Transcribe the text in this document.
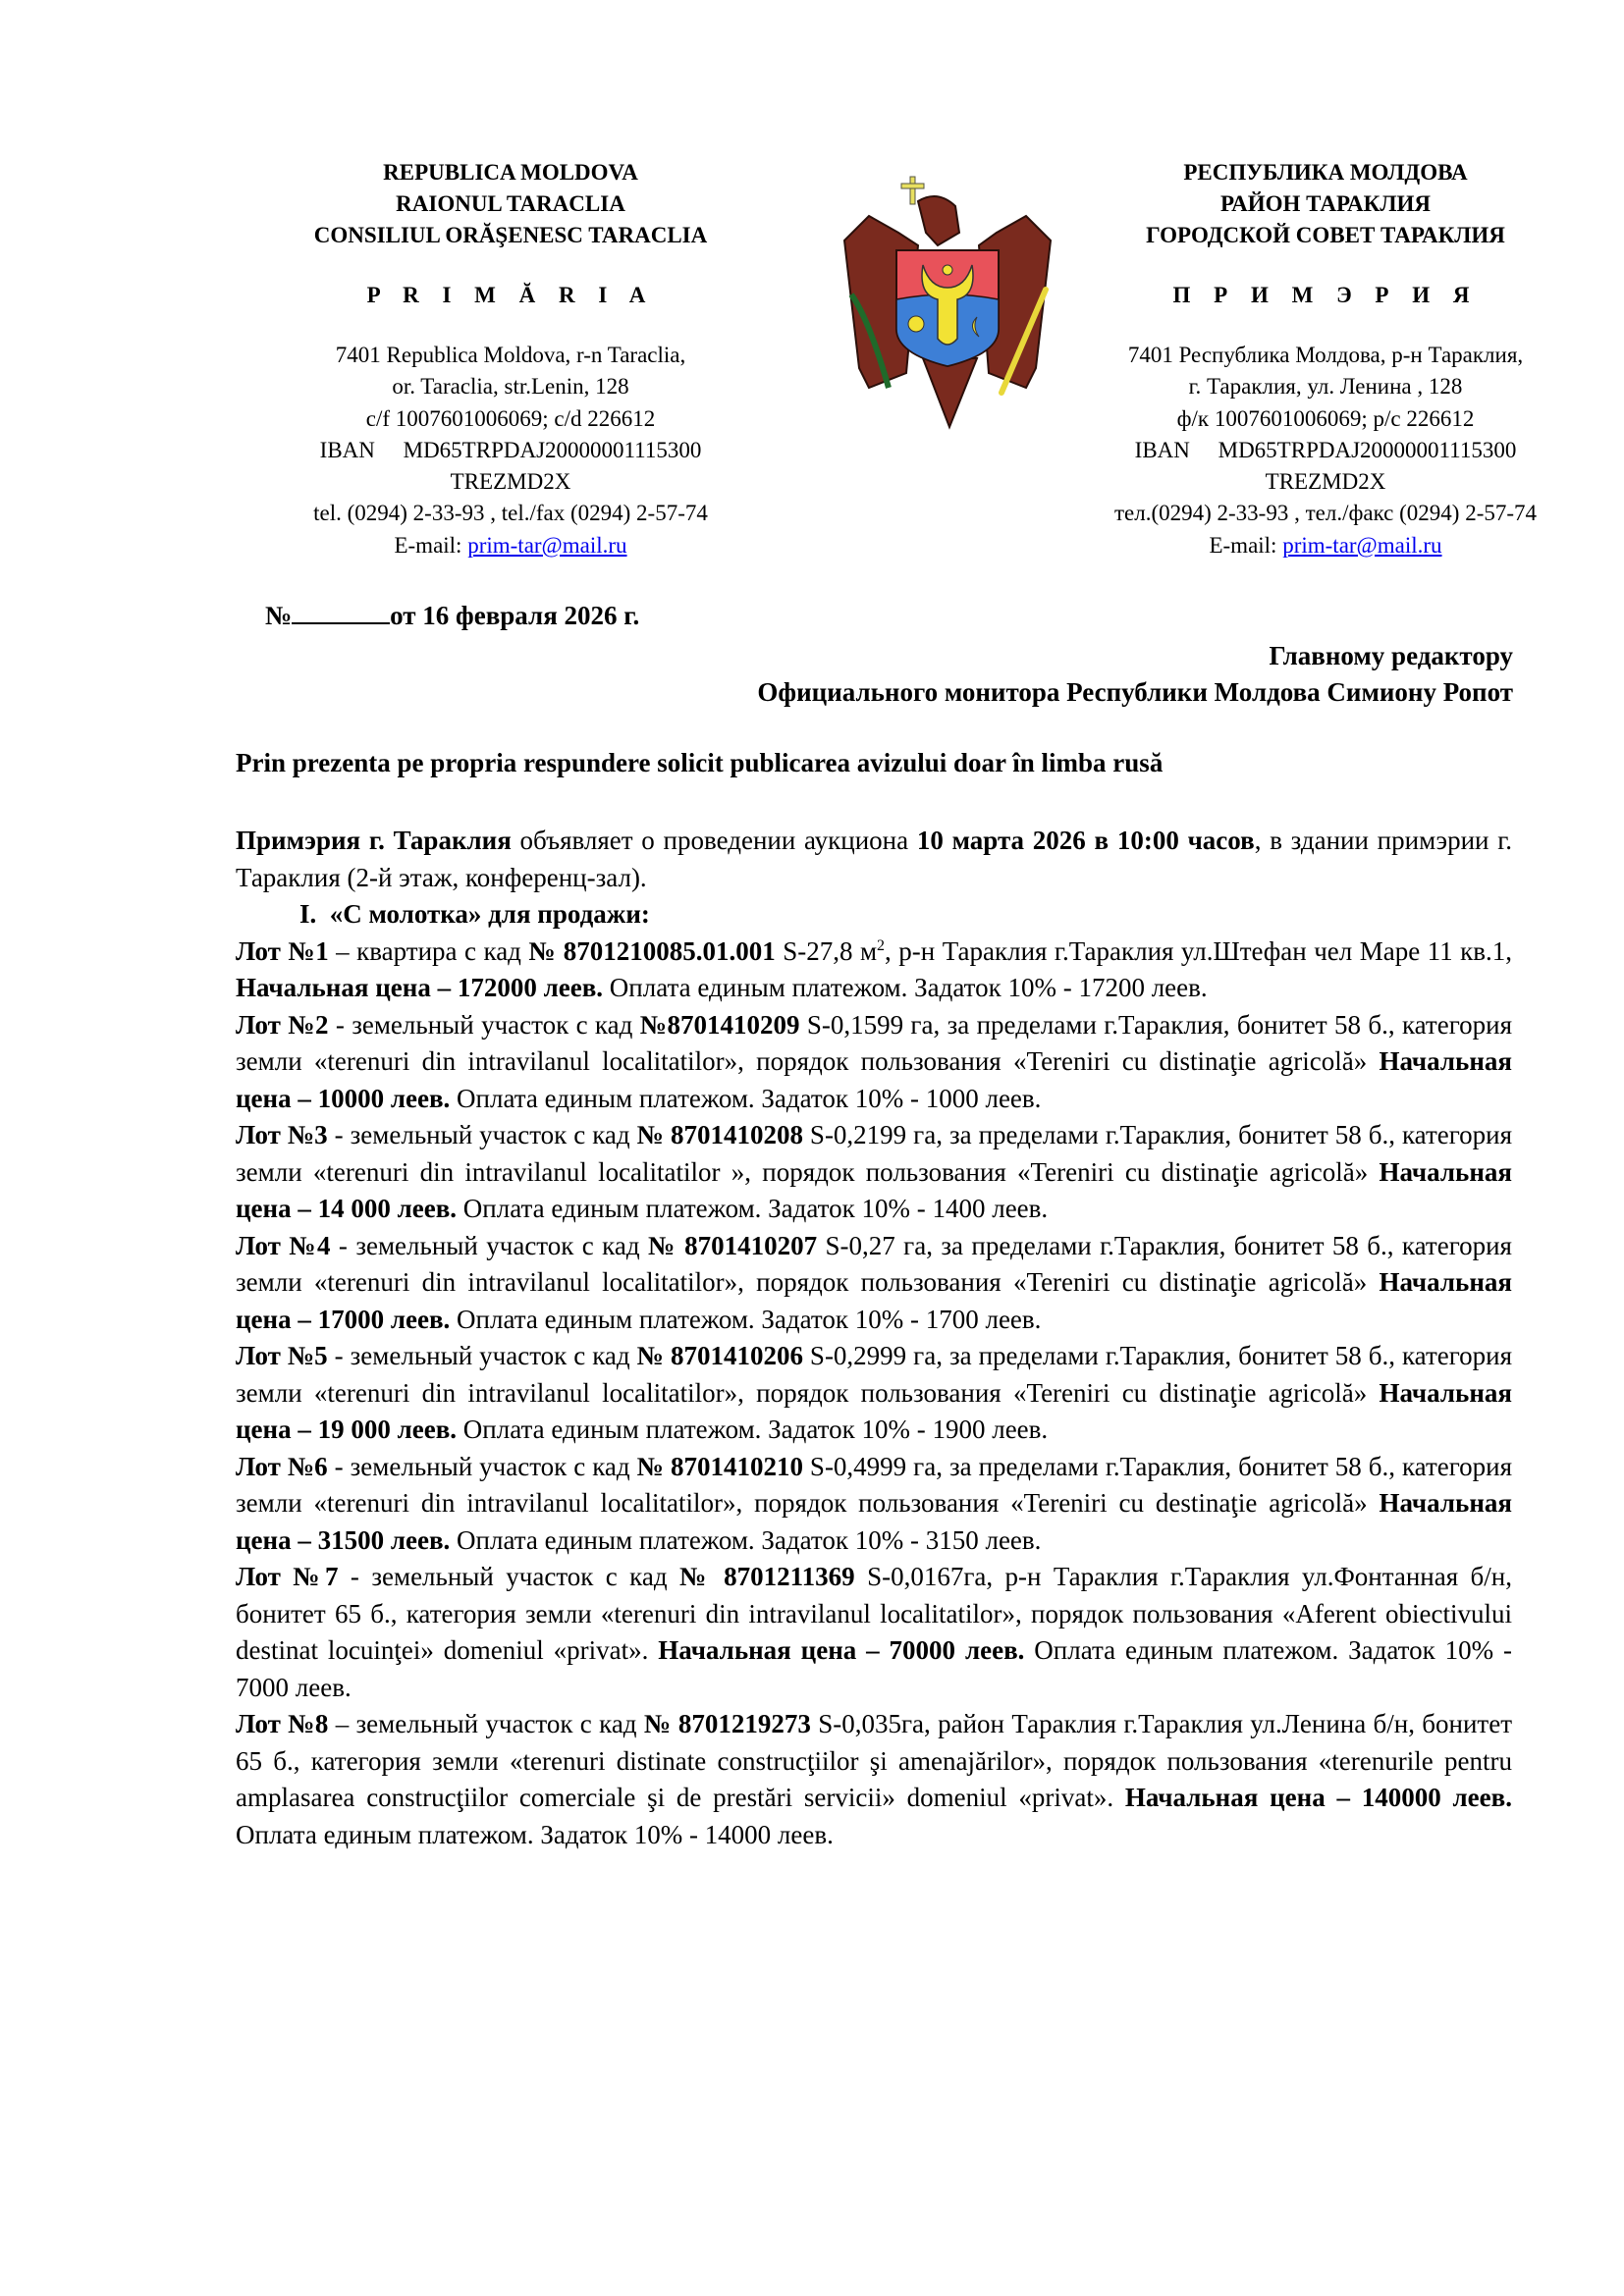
REPUBLICA MOLDOVA
RAIONUL TARACLIA
CONSILIUL ORĂŞENESC TARACLIA
P R I M Ă R I A
7401 Republica Moldova, r-n Taraclia,
or. Taraclia, str.Lenin, 128
c/f 1007601006069; c/d 226612
IBAN     MD65TRPDAJ20000001115300
TREZMD2X
tel. (0294) 2-33-93 , tel./fax (0294) 2-57-74
E-mail: prim-tar@mail.ru
РЕСПУБЛИКА МОЛДОВА
РАЙОН ТАРАКЛИЯ
ГОРОДСКОЙ СОВЕТ ТАРАКЛИЯ
П Р И М Э Р И Я
7401 Республика Молдова, р-н Тараклия,
г. Тараклия, ул. Ленина , 128
ф/к 1007601006069; р/с 226612
IBAN     MD65TRPDAJ20000001115300
TREZMD2X
тел.(0294) 2-33-93 , тел./факс (0294) 2-57-74
E-mail: prim-tar@mail.ru
№	от 16 февраля 2026 г.
Главному редактору
Официального монитора Республики Молдова Симиону Ропот
Prin prezenta pe propria respundere solicit publicarea avizului doar în limba rusă

Примэрия г. Тараклия объявляет о проведении аукциона 10 марта 2026 в 10:00 часов, в здании примэрии г. Тараклия (2-й этаж, конференц-зал).

I. «С молотка» для продажи:

Лот №1 – квартира с кад № 8701210085.01.001 S-27,8 $м^2$, р-н Тараклия г.Тараклия ул.Штефан чел Маре 11 кв.1, Начальная цена – 172000 леев. Оплата единым платежом. Задаток 10% - 17200 леев.

Лот №2 - земельный участок с кад №8701410209 S-0,1599 га, за пределами г.Тараклия, бонитет 58 б., категория земли «terenuri din intravilanul localitatilor», порядок пользования «Tereniri cu distinaţie agricolă» Начальная цена – 10000 леев. Оплата единым платежом. Задаток 10% - 1000 леев.

Лот №3 - земельный участок с кад № 8701410208 S-0,2199 га, за пределами г.Тараклия, бонитет 58 б., категория земли «terenuri din intravilanul localitatilor », порядок пользования «Tereniri cu distinaţie agricolă» Начальная цена – 14 000 леев. Оплата единым платежом. Задаток 10% - 1400 леев.

Лот №4 - земельный участок с кад № 8701410207 S-0,27 га, за пределами г.Тараклия, бонитет 58 б., категория земли «terenuri din intravilanul localitatilor», порядок пользования «Tereniri cu distinaţie agricolă» Начальная цена – 17000 леев. Оплата единым платежом. Задаток 10% - 1700 леев.

Лот №5 - земельный участок с кад № 8701410206 S-0,2999 га, за пределами г.Тараклия, бонитет 58 б., категория земли «terenuri din intravilanul localitatilor», порядок пользования «Tereniri cu distinaţie agricolă» Начальная цена – 19 000 леев. Оплата единым платежом. Задаток 10% - 1900 леев.

Лот №6 - земельный участок с кад № 8701410210 S-0,4999 га, за пределами г.Тараклия, бонитет 58 б., категория земли «terenuri din intravilanul localitatilor», порядок пользования «Tereniri cu destinaţie agricolă» Начальная цена – 31500 леев. Оплата единым платежом. Задаток 10% - 3150 леев.

Лот №7 - земельный участок с кад № 8701211369 S-0,0167га, р-н Тараклия г.Тараклия ул.Фонтанная б/н, бонитет 65 б., категория земли «terenuri din intravilanul localitatilor», порядок пользования «Aferent obiectivului destinat locuinţei» domeniul «privat». Начальная цена – 70000 леев. Оплата единым платежом. Задаток 10% - 7000 леев.

Лот №8 – земельный участок с кад № 8701219273 S-0,035га, район Тараклия г.Тараклия ул.Ленина б/н, бонитет 65 б., категория земли «terenuri distinate construcţiilor şi amenajărilor», порядок пользования «terenurile pentru amplasarea construcţiilor comerciale şi de prestări servicii» domeniul «privat». Начальная цена – 140000 леев. Оплата единым платежом. Задаток 10% - 14000 леев.
